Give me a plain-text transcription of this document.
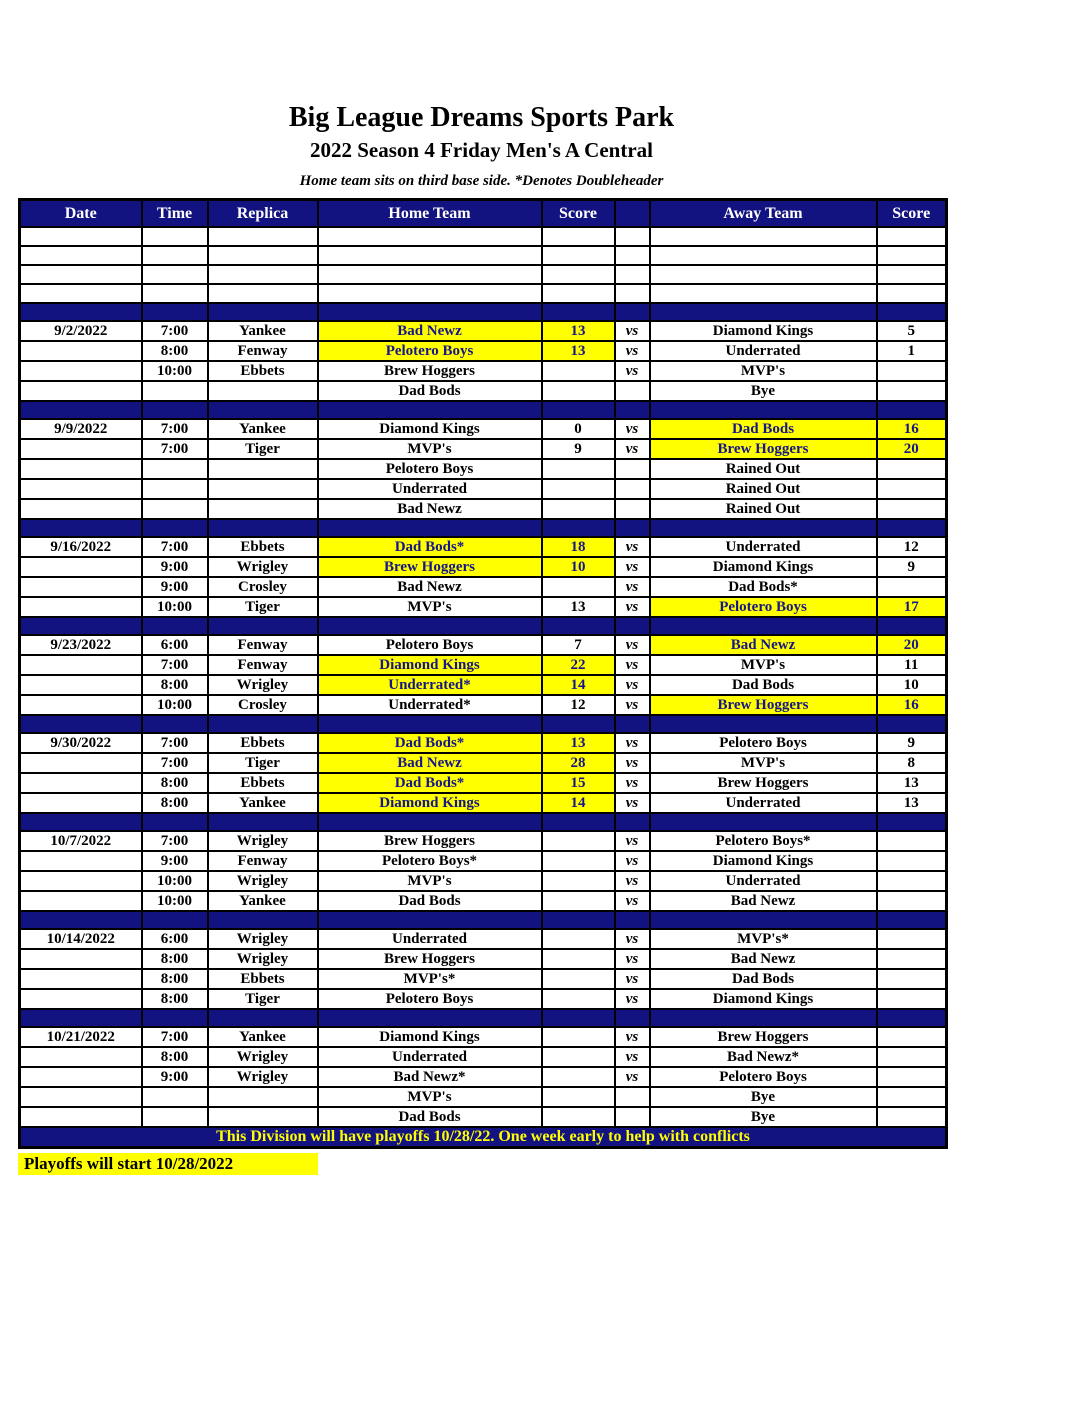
Big League Dreams Sports Park
2022 Season 4 Friday Men's A Central
Home team sits on third base side. *Denotes Doubleheader
Date	Time	Replica	Home Team	Score		Away Team	Score

9/2/2022	7:00	Yankee	Bad Newz	13	vs	Diamond Kings	5
	8:00	Fenway	Pelotero Boys	13	vs	Underrated	1
	10:00	Ebbets	Brew Hoggers		vs	MVP's	
			Dad Bods			Bye	

9/9/2022	7:00	Yankee	Diamond Kings	0	vs	Dad Bods	16
	7:00	Tiger	MVP's	9	vs	Brew Hoggers	20
			Pelotero Boys			Rained Out	
			Underrated			Rained Out	
			Bad Newz			Rained Out	

9/16/2022	7:00	Ebbets	Dad Bods*	18	vs	Underrated	12
	9:00	Wrigley	Brew Hoggers	10	vs	Diamond Kings	9
	9:00	Crosley	Bad Newz		vs	Dad Bods*	
	10:00	Tiger	MVP's	13	vs	Pelotero Boys	17

9/23/2022	6:00	Fenway	Pelotero Boys	7	vs	Bad Newz	20
	7:00	Fenway	Diamond Kings	22	vs	MVP's	11
	8:00	Wrigley	Underrated*	14	vs	Dad Bods	10
	10:00	Crosley	Underrated*	12	vs	Brew Hoggers	16

9/30/2022	7:00	Ebbets	Dad Bods*	13	vs	Pelotero Boys	9
	7:00	Tiger	Bad Newz	28	vs	MVP's	8
	8:00	Ebbets	Dad Bods*	15	vs	Brew Hoggers	13
	8:00	Yankee	Diamond Kings	14	vs	Underrated	13

10/7/2022	7:00	Wrigley	Brew Hoggers		vs	Pelotero Boys*	
	9:00	Fenway	Pelotero Boys*		vs	Diamond Kings	
	10:00	Wrigley	MVP's		vs	Underrated	
	10:00	Yankee	Dad Bods		vs	Bad Newz	

10/14/2022	6:00	Wrigley	Underrated		vs	MVP's*	
	8:00	Wrigley	Brew Hoggers		vs	Bad Newz	
	8:00	Ebbets	MVP's*		vs	Dad Bods	
	8:00	Tiger	Pelotero Boys		vs	Diamond Kings	

10/21/2022	7:00	Yankee	Diamond Kings		vs	Brew Hoggers	
	8:00	Wrigley	Underrated		vs	Bad Newz*	
	9:00	Wrigley	Bad Newz*		vs	Pelotero Boys	
			MVP's			Bye	
			Dad Bods			Bye	
This Division will have playoffs 10/28/22. One week early to help with conflicts							
Playoffs will start 10/28/2022
